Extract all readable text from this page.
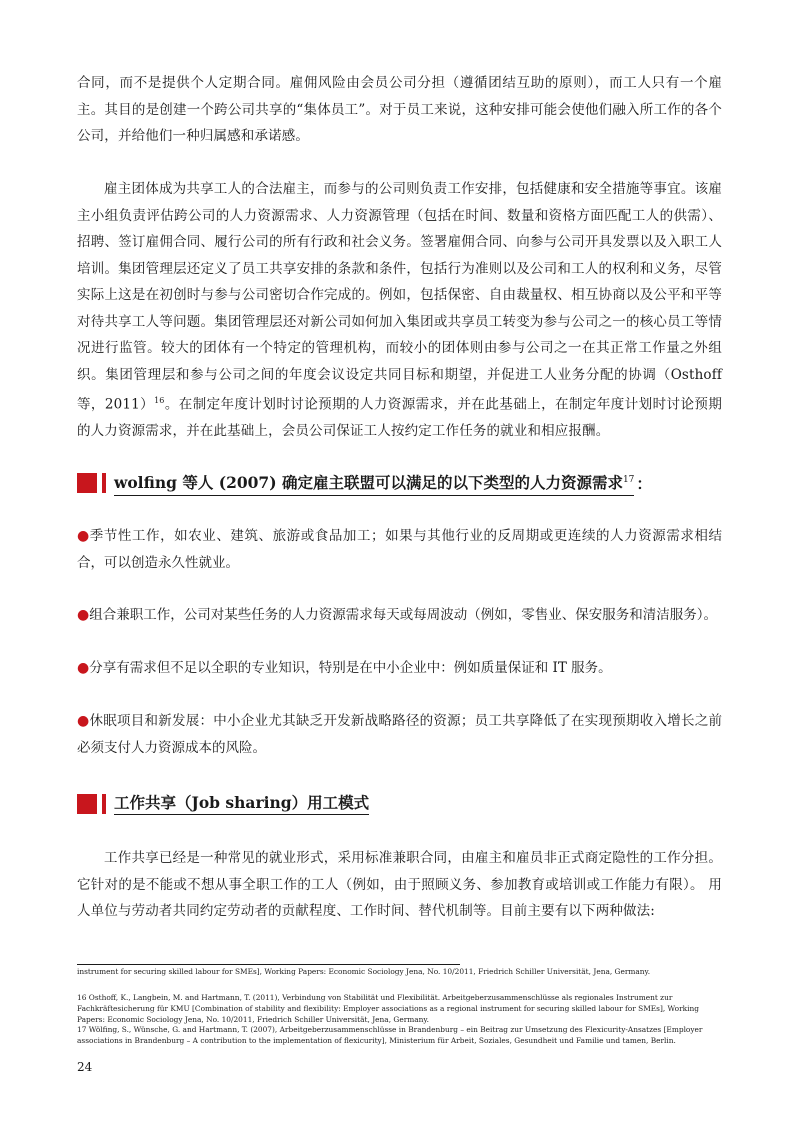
合同，而不是提供个人定期合同。雇佣风险由会员公司分担（遵循团结互助的原则），而工人只有一个雇主。其目的是创建一个跨公司共享的“集体员工”。对于员工来说，这种安排可能会使他们融入所工作的各个公司，并给他们一种归属感和承诺感。

雇主团体成为共享工人的合法雇主，而参与的公司则负责工作安排，包括健康和安全措施等事宜。该雇主小组负责评估跨公司的人力资源需求、人力资源管理（包括在时间、数量和资格方面匹配工人的供需）、招聘、签订雇佣合同、履行公司的所有行政和社会义务。签署雇佣合同、向参与公司开具发票以及入职工人培训。集团管理层还定义了员工共享安排的条款和条件，包括行为准则以及公司和工人的权利和义务，尽管实际上这是在初创时与参与公司密切合作完成的。例如，包括保密、自由裁量权、相互协商以及公平和平等对待共享工人等问题。集团管理层还对新公司如何加入集团或共享员工转变为参与公司之一的核心员工等情况进行监管。较大的团体有一个特定的管理机构，而较小的团体则由参与公司之一在其正常工作量之外组织。集团管理层和参与公司之间的年度会议设定共同目标和期望，并促进工人业务分配的协调（Osthoff 等，2011）$^{16}$。在制定年度计划时讨论预期的人力资源需求，并在此基础上，在制定年度计划时讨论预期的人力资源需求，并在此基础上，会员公司保证工人按约定工作任务的就业和相应报酬。

wolfing 等人 (2007) 确定雇主联盟可以满足的以下类型的人力资源需求$^{17}$ ：

●季节性工作，如农业、建筑、旅游或食品加工；如果与其他行业的反周期或更连续的人力资源需求相结合，可以创造永久性就业。

●组合兼职工作，公司对某些任务的人力资源需求每天或每周波动（例如，零售业、保安服务和清洁服务）。

●分享有需求但不足以全职的专业知识，特别是在中小企业中：例如质量保证和 IT 服务。

●休眠项目和新发展：中小企业尤其缺乏开发新战略路径的资源；员工共享降低了在实现预期收入增长之前必须支付人力资源成本的风险。

工作共享（Job sharing）用工模式

工作共享已经是一种常见的就业形式，采用标准兼职合同，由雇主和雇员非正式商定隐性的工作分担。它针对的是不能或不想从事全职工作的工人（例如，由于照顾义务、参加教育或培训或工作能力有限）。 用人单位与劳动者共同约定劳动者的贡献程度、工作时间、替代机制等。目前主要有以下两种做法:

instrument for securing skilled labour for SMEs], Working Papers: Economic Sociology Jena, No. 10/2011, Friedrich Schiller Universität, Jena, Germany.

16 Osthoff, K., Langbein, M. and Hartmann, T. (2011), Verbindung von Stabilität und Flexibilität. Arbeitgeberzusammenschlüsse als regionales Instrument zur Fachkräftesicherung für KMU [Combination of stability and flexibility: Employer associations as a regional instrument for securing skilled labour for SMEs], Working Papers: Economic Sociology Jena, No. 10/2011, Friedrich Schiller Universität, Jena, Germany.

17 Wölfing, S., Wünsche, G. and Hartmann, T. (2007), Arbeitgeberzusammenschlüsse in Brandenburg – ein Beitrag zur Umsetzung des Flexicurity-Ansatzes [Employer associations in Brandenburg – A contribution to the implementation of flexicurity], Ministerium für Arbeit, Soziales, Gesundheit und Familie und tamen, Berlin.

24
